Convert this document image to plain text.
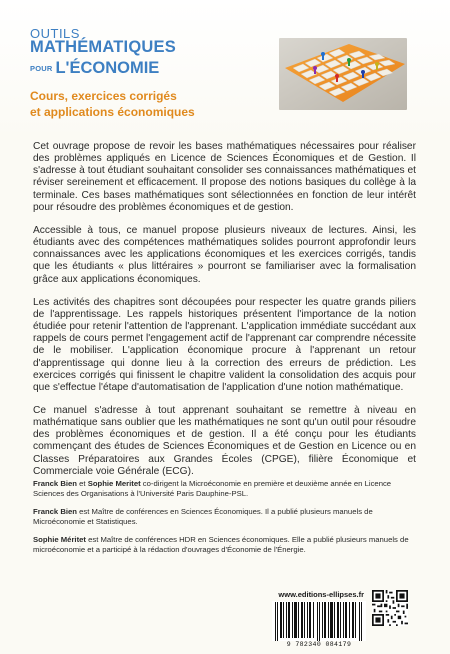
OUTILS
MATHÉMATIQUES
POUR L'ÉCONOMIE
Cours, exercices corrigés
et applications économiques

Cet ouvrage propose de revoir les bases mathématiques nécessaires pour réaliser des problèmes appliqués en Licence de Sciences Économiques et de Gestion. Il s'adresse à tout étudiant souhaitant consolider ses connaissances mathématiques et réviser sereinement et efficacement. Il propose des notions basiques du collège à la terminale. Ces bases mathématiques sont sélectionnées en fonction de leur intérêt pour résoudre des problèmes économiques et de gestion.

Accessible à tous, ce manuel propose plusieurs niveaux de lectures. Ainsi, les étudiants avec des compétences mathématiques solides pourront approfondir leurs connaissances avec les applications économiques et les exercices corrigés, tandis que les étudiants « plus littéraires » pourront se familiariser avec la formalisation grâce aux applications économiques.

Les activités des chapitres sont découpées pour respecter les quatre grands piliers de l'apprentissage. Les rappels historiques présentent l'importance de la notion étudiée pour retenir l'attention de l'apprenant. L'application immédiate succédant aux rappels de cours permet l'engagement actif de l'apprenant car comprendre nécessite de le mobiliser. L'application économique procure à l'apprenant un retour d'apprentissage qui donne lieu à la correction des erreurs de prédiction. Les exercices corrigés qui finissent le chapitre valident la consolidation des acquis pour que s'effectue l'étape d'automatisation de l'application d'une notion mathématique.

Ce manuel s'adresse à tout apprenant souhaitant se remettre à niveau en mathématique sans oublier que les mathématiques ne sont qu'un outil pour résoudre des problèmes économiques et de gestion. Il a été conçu pour les étudiants commençant des études de Sciences Économiques et de Gestion en Licence ou en Classes Préparatoires aux Grandes Écoles (CPGE), filière Économique et Commerciale voie Générale (ECG).

Franck Bien et Sophie Meritet co-dirigent la Microéconomie en première et deuxième année en Licence Sciences des Organisations à l'Université Paris Dauphine-PSL.

Franck Bien est Maître de conférences en Sciences Économiques. Il a publié plusieurs manuels de Microéconomie et Statistiques.

Sophie Méritet est Maître de conférences HDR en Sciences économiques. Elle a publié plusieurs manuels de microéconomie et a participé à la rédaction d'ouvrages d'Économie de l'Énergie.

www.editions-ellipses.fr
9 782340 084179
